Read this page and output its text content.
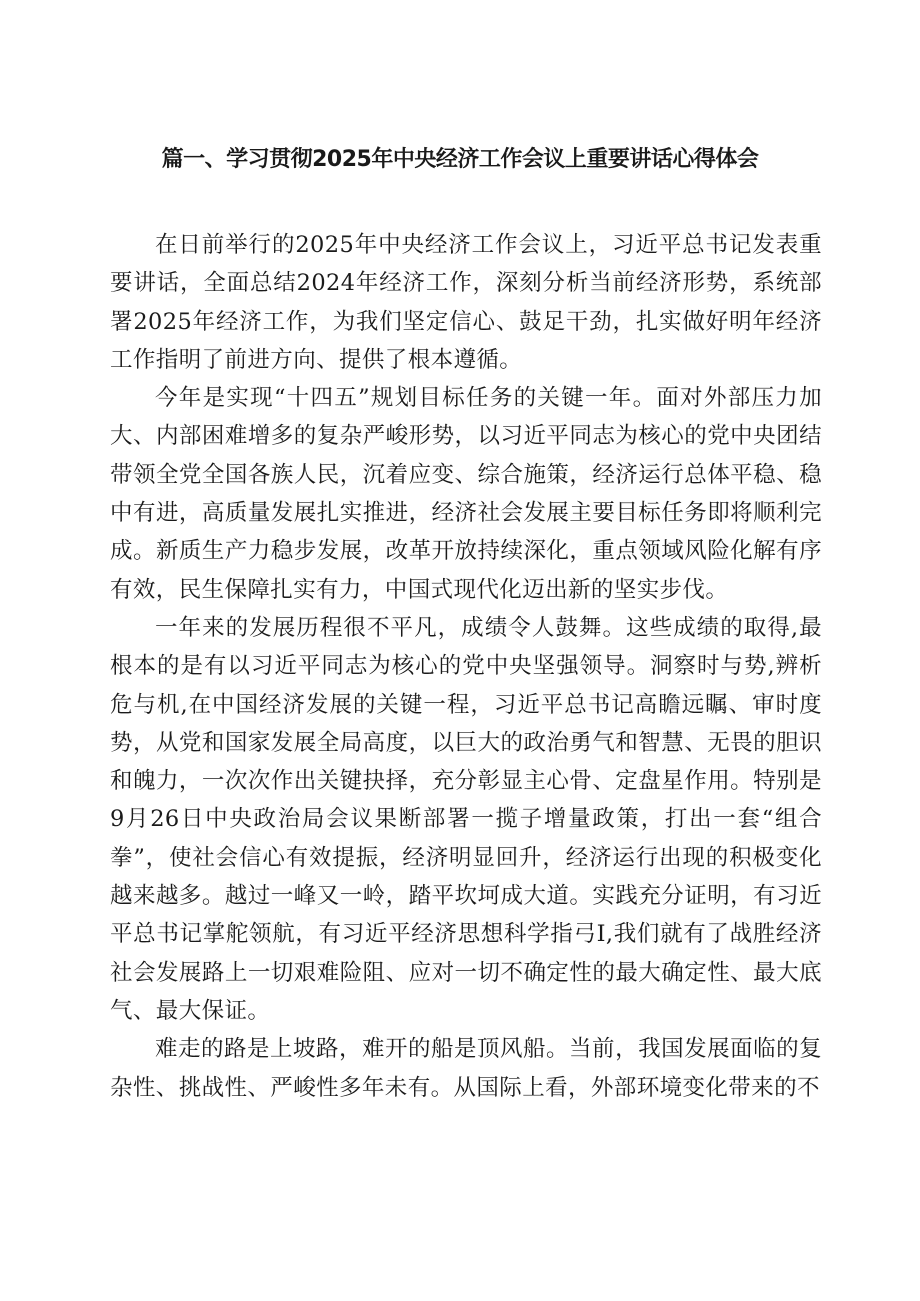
篇一、学习贯彻2025年中央经济工作会议上重要讲话心得体会

在日前举行的2025年中央经济工作会议上，习近平总书记发表重要讲话，全面总结2024年经济工作，深刻分析当前经济形势，系统部署2025年经济工作，为我们坚定信心、鼓足干劲，扎实做好明年经济工作指明了前进方向、提供了根本遵循。

今年是实现“十四五”规划目标任务的关键一年。面对外部压力加大、内部困难增多的复杂严峻形势，以习近平同志为核心的党中央团结带领全党全国各族人民，沉着应变、综合施策，经济运行总体平稳、稳中有进，高质量发展扎实推进，经济社会发展主要目标任务即将顺利完成。新质生产力稳步发展，改革开放持续深化，重点领域风险化解有序有效，民生保障扎实有力，中国式现代化迈出新的坚实步伐。

一年来的发展历程很不平凡，成绩令人鼓舞。这些成绩的取得,最根本的是有以习近平同志为核心的党中央坚强领导。洞察时与势,辨析危与机,在中国经济发展的关键一程，习近平总书记高瞻远瞩、审时度势，从党和国家发展全局高度，以巨大的政治勇气和智慧、无畏的胆识和魄力，一次次作出关键抉择，充分彰显主心骨、定盘星作用。特别是9月26日中央政治局会议果断部署一揽子增量政策，打出一套“组合拳”，使社会信心有效提振，经济明显回升，经济运行出现的积极变化越来越多。越过一峰又一岭，踏平坎坷成大道。实践充分证明，有习近平总书记掌舵领航，有习近平经济思想科学指弓I,我们就有了战胜经济社会发展路上一切艰难险阻、应对一切不确定性的最大确定性、最大底气、最大保证。

难走的路是上坡路，难开的船是顶风船。当前，我国发展面临的复杂性、挑战性、严峻性多年未有。从国际上看，外部环境变化带来的不
